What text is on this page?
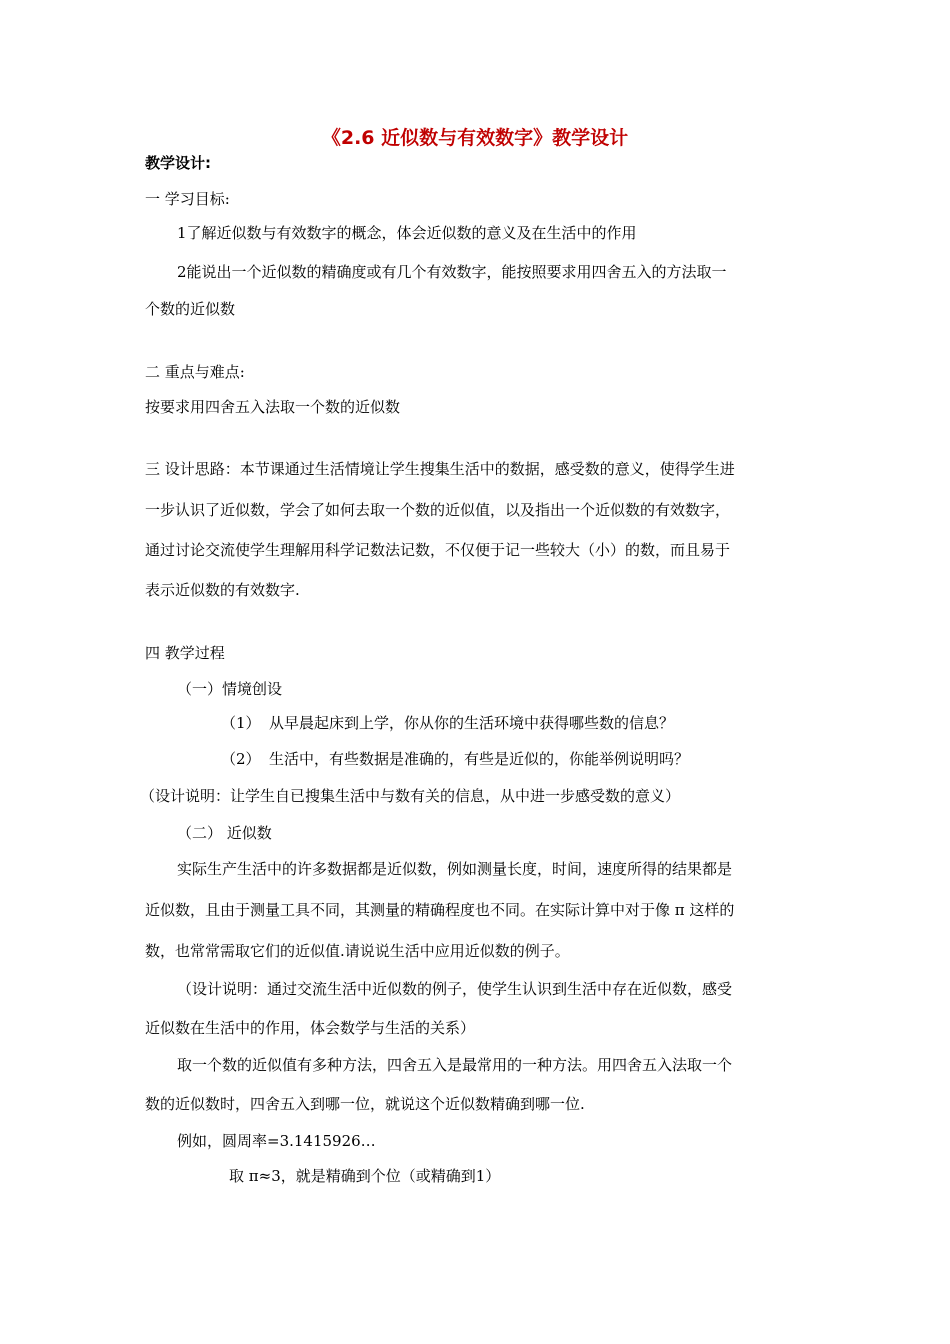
《2.6 近似数与有效数字》教学设计
教学设计:
一 学习目标:
1了解近似数与有效数字的概念，体会近似数的意义及在生活中的作用
2能说出一个近似数的精确度或有几个有效数字，能按照要求用四舍五入的方法取一
个数的近似数
二 重点与难点:
按要求用四舍五入法取一个数的近似数
三 设计思路：本节课通过生活情境让学生搜集生活中的数据，感受数的意义，使得学生进
一步认识了近似数，学会了如何去取一个数的近似值，以及指出一个近似数的有效数字，
通过讨论交流使学生理解用科学记数法记数，不仅便于记一些较大（小）的数，而且易于
表示近似数的有效数字.
四 教学过程
（一）情境创设
（1） 从早晨起床到上学，你从你的生活环境中获得哪些数的信息？
（2） 生活中，有些数据是准确的，有些是近似的，你能举例说明吗？
（设计说明：让学生自已搜集生活中与数有关的信息，从中进一步感受数的意义）
（二） 近似数
实际生产生活中的许多数据都是近似数，例如测量长度，时间，速度所得的结果都是
近似数，且由于测量工具不同，其测量的精确程度也不同。在实际计算中对于像 π 这样的
数，也常常需取它们的近似值.请说说生活中应用近似数的例子。
（设计说明：通过交流生活中近似数的例子，使学生认识到生活中存在近似数，感受
近似数在生活中的作用，体会数学与生活的关系）
取一个数的近似值有多种方法，四舍五入是最常用的一种方法。用四舍五入法取一个
数的近似数时，四舍五入到哪一位，就说这个近似数精确到哪一位.
例如，圆周率=3.1415926…
取 π≈3，就是精确到个位（或精确到1）
